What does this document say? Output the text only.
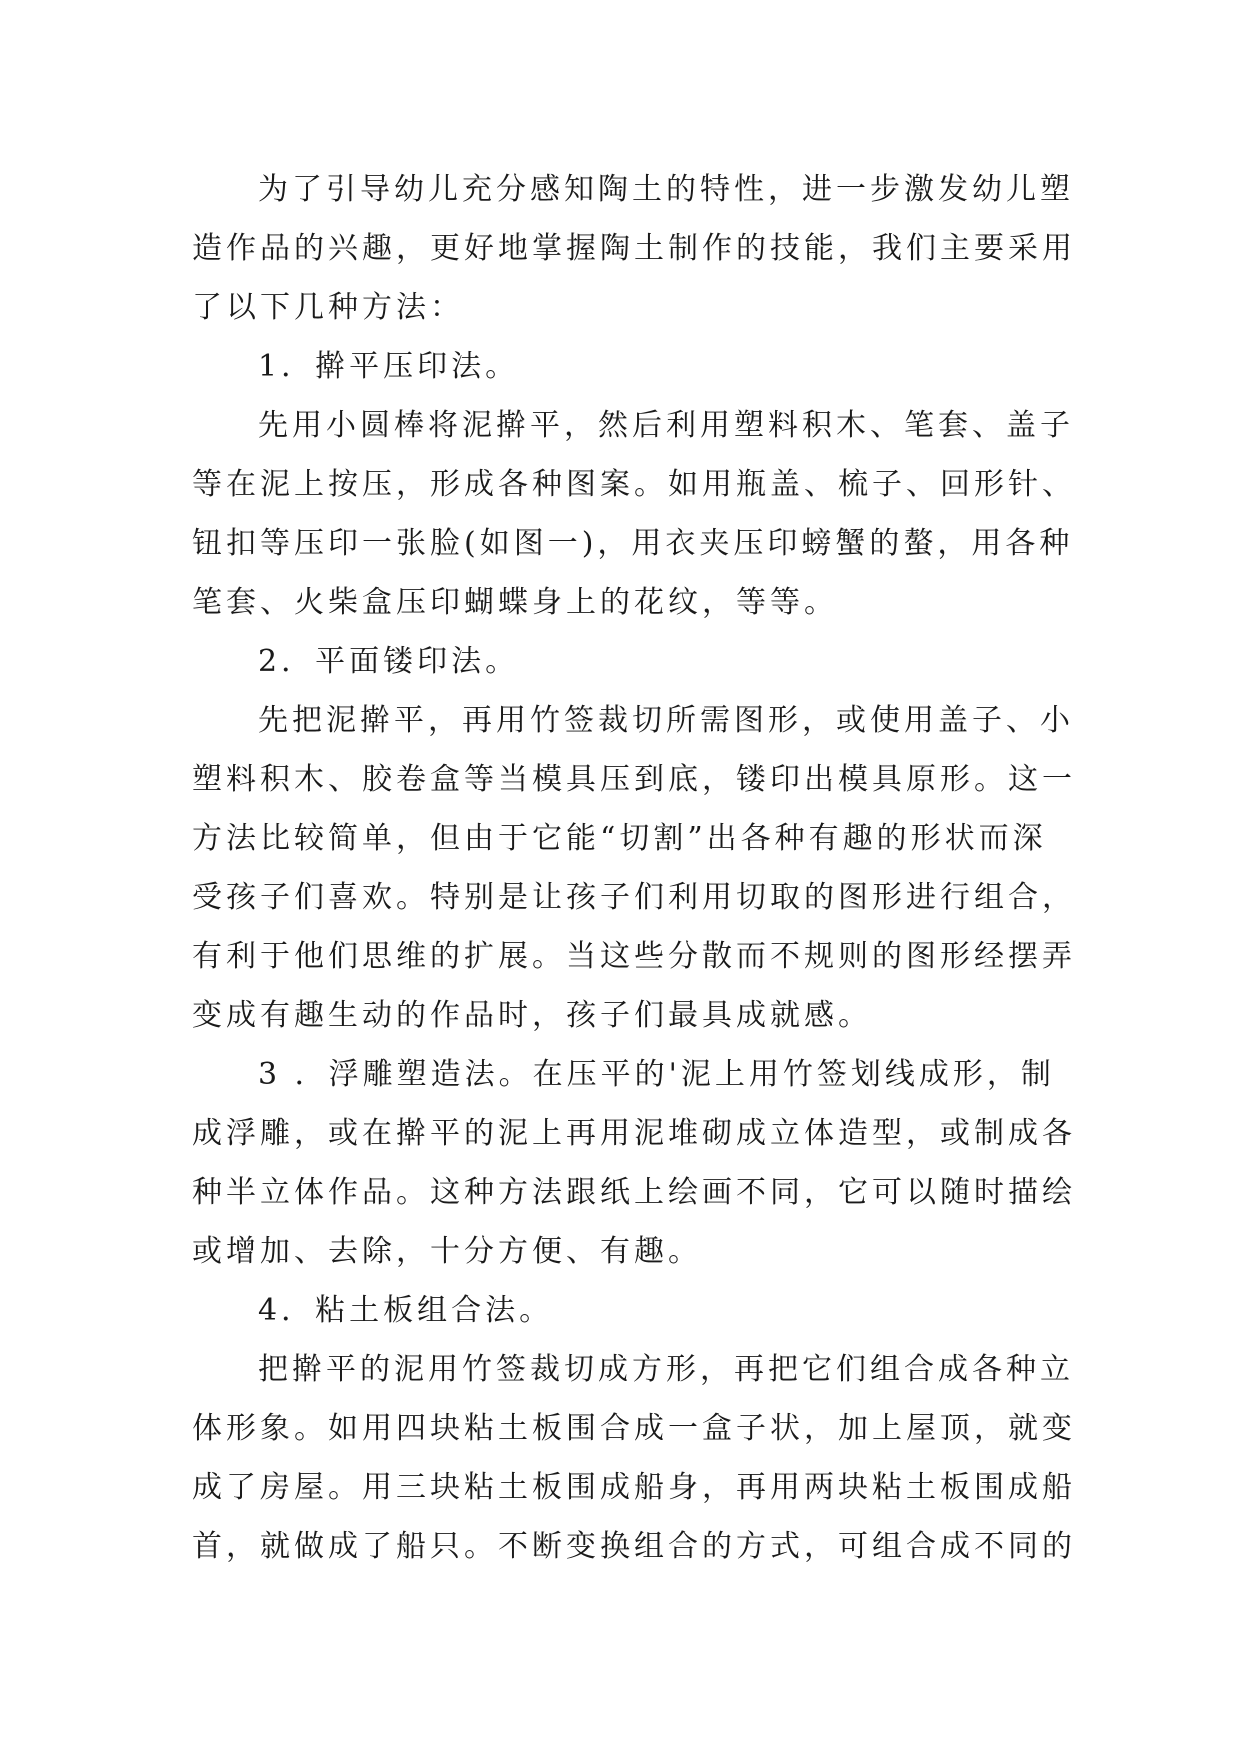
为了引导幼儿充分感知陶土的特性，进一步激发幼儿塑
造作品的兴趣，更好地掌握陶土制作的技能，我们主要采用
了以下几种方法：
1．擀平压印法。
先用小圆棒将泥擀平，然后利用塑料积木、笔套、盖子
等在泥上按压，形成各种图案。如用瓶盖、梳子、回形针、
钮扣等压印一张脸(如图一)，用衣夹压印螃蟹的螯，用各种
笔套、火柴盒压印蝴蝶身上的花纹，等等。
2．平面镂印法。
先把泥擀平，再用竹签裁切所需图形，或使用盖子、小
塑料积木、胶卷盒等当模具压到底，镂印出模具原形。这一
方法比较简单，但由于它能“切割”出各种有趣的形状而深
受孩子们喜欢。特别是让孩子们利用切取的图形进行组合，
有利于他们思维的扩展。当这些分散而不规则的图形经摆弄
变成有趣生动的作品时，孩子们最具成就感。
3 ．浮雕塑造法。在压平的'泥上用竹签划线成形，制
成浮雕，或在擀平的泥上再用泥堆砌成立体造型，或制成各
种半立体作品。这种方法跟纸上绘画不同，它可以随时描绘
或增加、去除，十分方便、有趣。
4．粘土板组合法。
把擀平的泥用竹签裁切成方形，再把它们组合成各种立
体形象。如用四块粘土板围合成一盒子状，加上屋顶，就变
成了房屋。用三块粘土板围成船身，再用两块粘土板围成船
首，就做成了船只。不断变换组合的方式，可组合成不同的
